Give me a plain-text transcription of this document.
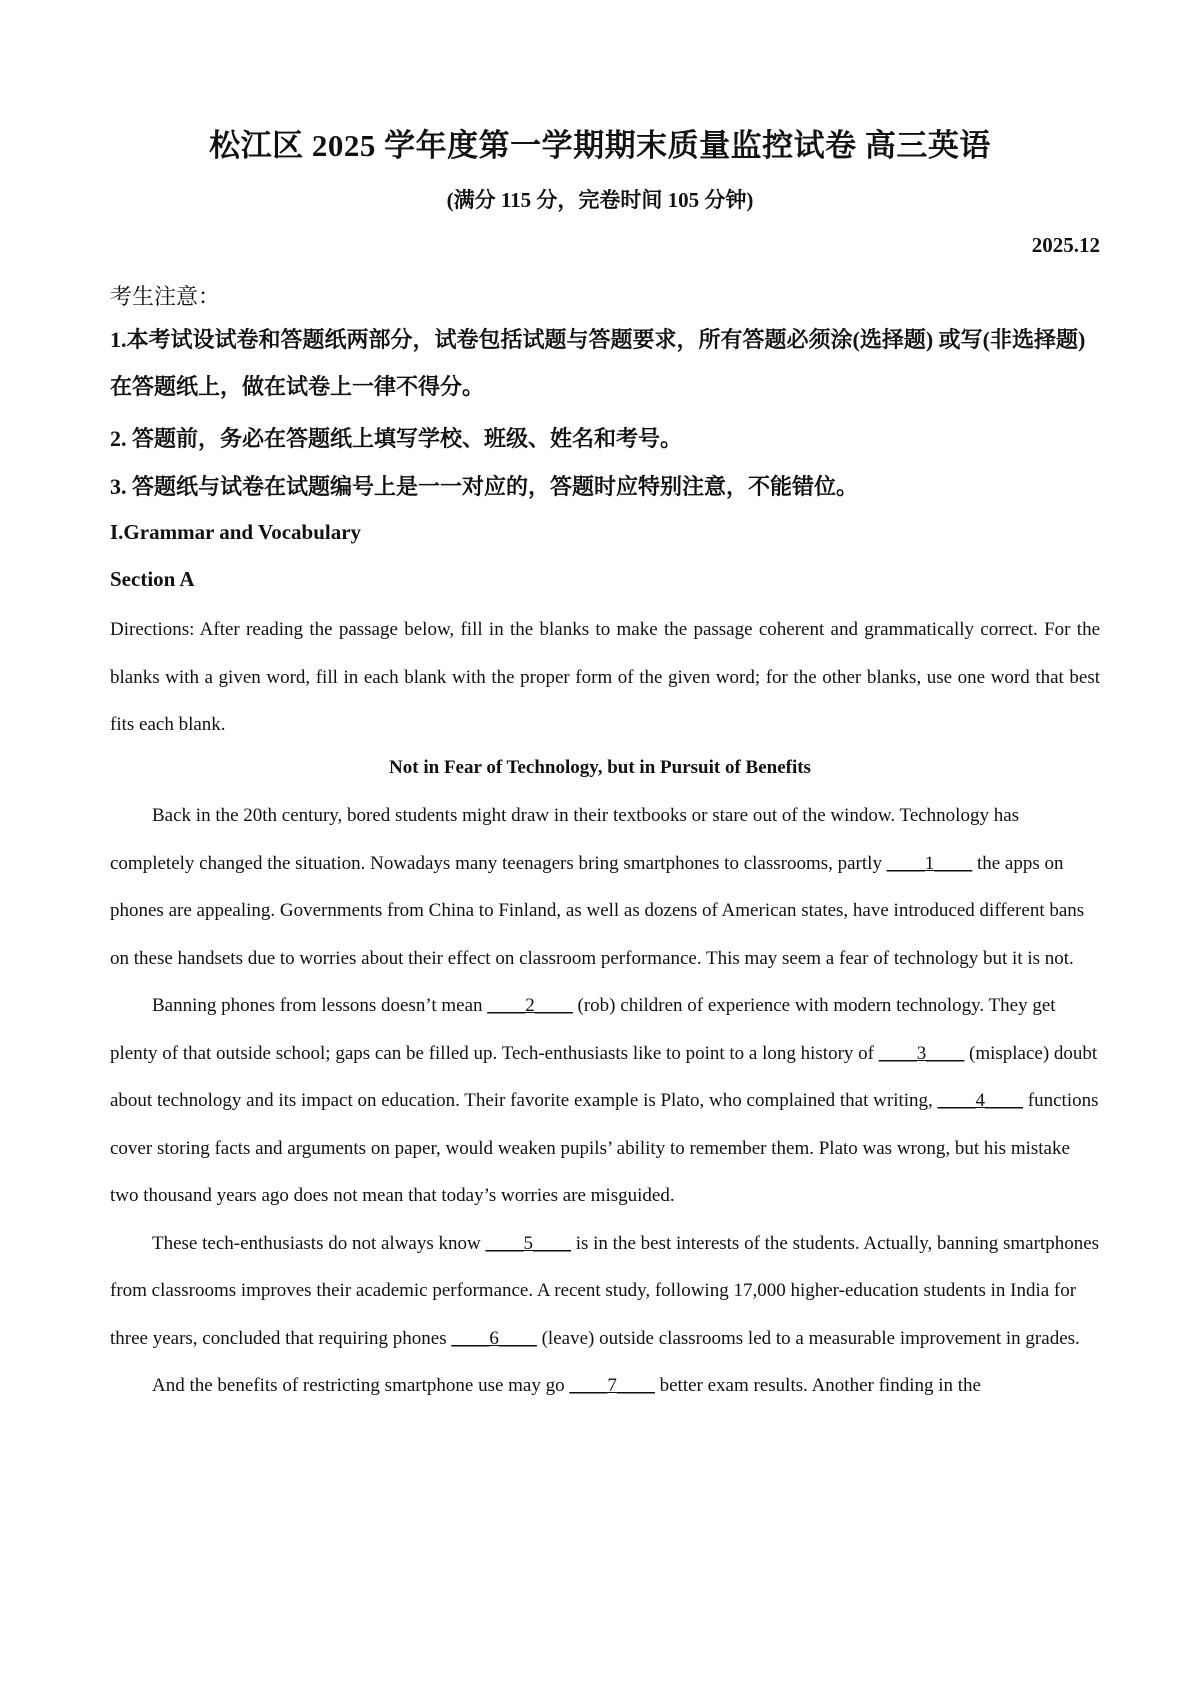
松江区 2025 学年度第一学期期末质量监控试卷 高三英语
(满分 115 分，完卷时间 105 分钟)
2025.12
考生注意：
1.本考试设试卷和答题纸两部分，试卷包括试题与答题要求，所有答题必须涂(选择题) 或写(非选择题)在答题纸上，做在试卷上一律不得分。
2. 答题前，务必在答题纸上填写学校、班级、姓名和考号。
3. 答题纸与试卷在试题编号上是一一对应的，答题时应特别注意，不能错位。
I.Grammar and Vocabulary
Section A
Directions: After reading the passage below, fill in the blanks to make the passage coherent and grammatically correct. For the blanks with a given word, fill in each blank with the proper form of the given word; for the other blanks, use one word that best fits each blank.
Not in Fear of Technology, but in Pursuit of Benefits

Back in the 20th century, bored students might draw in their textbooks or stare out of the window. Technology has completely changed the situation. Nowadays many teenagers bring smartphones to classrooms, partly ____1____ the apps on phones are appealing. Governments from China to Finland, as well as dozens of American states, have introduced different bans on these handsets due to worries about their effect on classroom performance. This may seem a fear of technology but it is not.

Banning phones from lessons doesn’t mean ____2____ (rob) children of experience with modern technology. They get plenty of that outside school; gaps can be filled up. Tech-enthusiasts like to point to a long history of ____3____ (misplace) doubt about technology and its impact on education. Their favorite example is Plato, who complained that writing, ____4____ functions cover storing facts and arguments on paper, would weaken pupils’ ability to remember them. Plato was wrong, but his mistake two thousand years ago does not mean that today’s worries are misguided.

These tech-enthusiasts do not always know ____5____ is in the best interests of the students. Actually, banning smartphones from classrooms improves their academic performance. A recent study, following 17,000 higher-education students in India for three years, concluded that requiring phones ____6____ (leave) outside classrooms led to a measurable improvement in grades.

And the benefits of restricting smartphone use may go ____7____ better exam results. Another finding in the
